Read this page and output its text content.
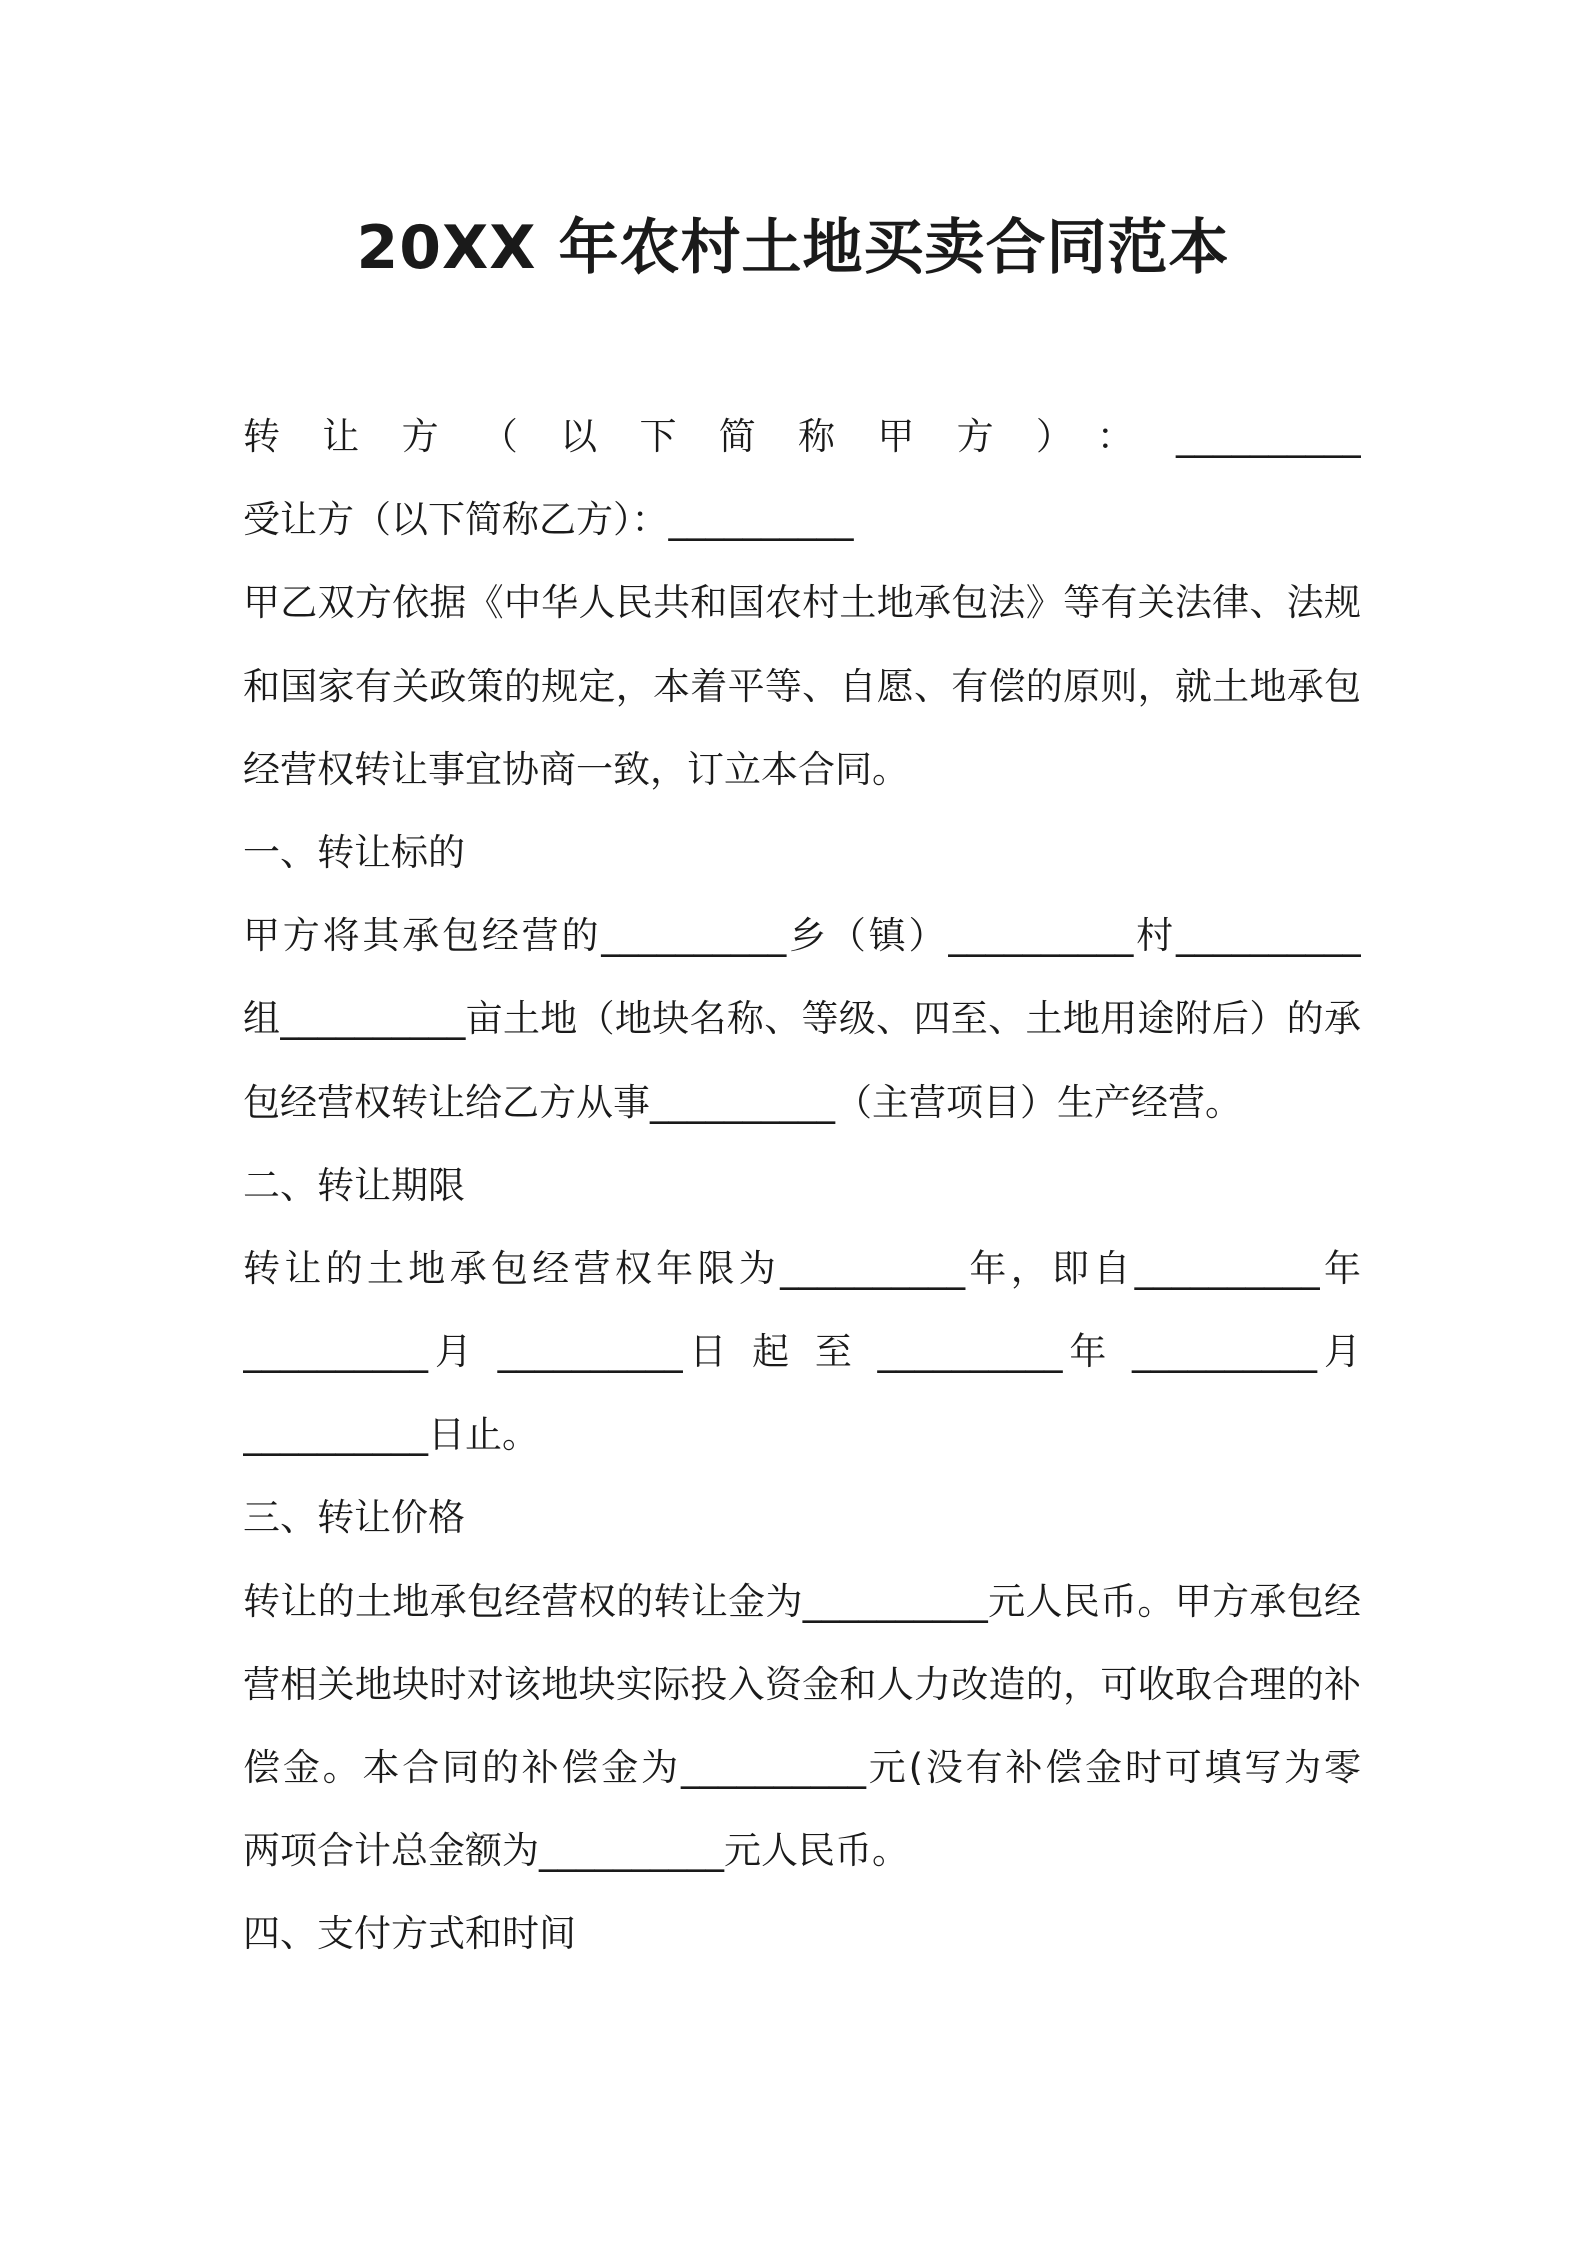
20XX 年农村土地买卖合同范本
转让方（以下简称甲方）：__________
受让方（以下简称乙方）：__________
甲乙双方依据《中华人民共和国农村土地承包法》等有关法律、法规
和国家有关政策的规定，本着平等、自愿、有偿的原则，就土地承包
经营权转让事宜协商一致，订立本合同。
一、转让标的
甲方将其承包经营的__________乡（镇）__________村__________
组__________亩土地（地块名称、等级、四至、土地用途附后）的承
包经营权转让给乙方从事__________（主营项目）生产经营。
二、转让期限
转让的土地承包经营权年限为__________年，即自__________年
__________月 __________日 起 至 __________年 __________月
__________日止。
三、转让价格
转让的土地承包经营权的转让金为__________元人民币。甲方承包经
营相关地块时对该地块实际投入资金和人力改造的，可收取合理的补
偿金。本合同的补偿金为__________元(没有补偿金时可填写为零
两项合计总金额为__________元人民币。
四、支付方式和时间
